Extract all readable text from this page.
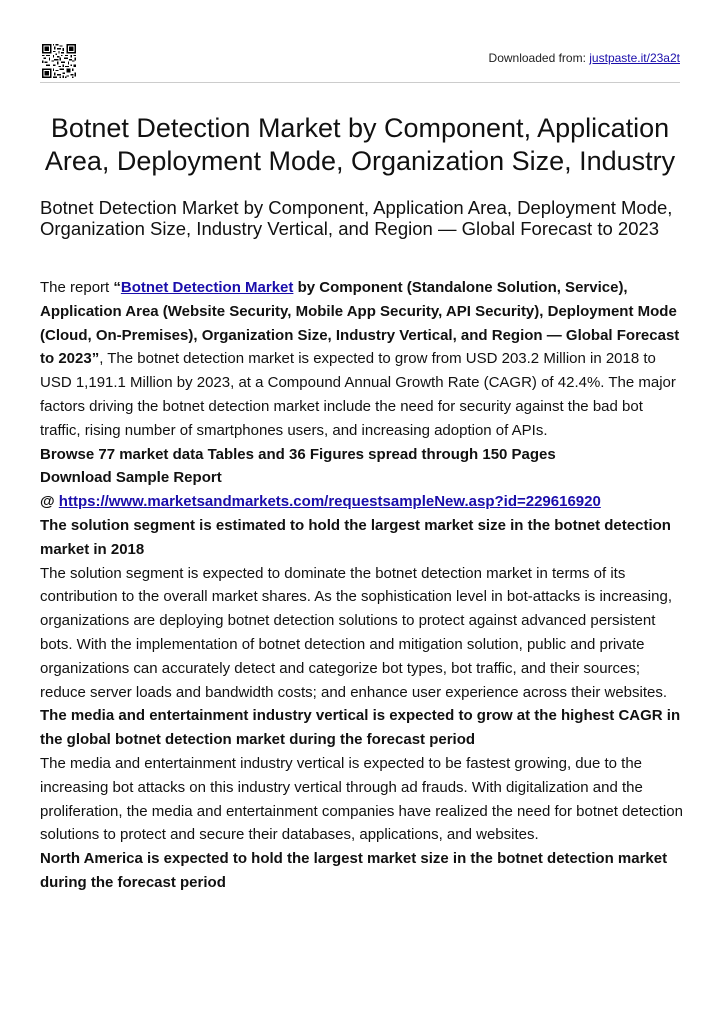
Downloaded from: justpaste.it/23a2t
Botnet Detection Market by Component, Application Area, Deployment Mode, Organization Size, Industry
Botnet Detection Market by Component, Application Area, Deployment Mode, Organization Size, Industry Vertical, and Region — Global Forecast to 2023

The report “Botnet Detection Market by Component (Standalone Solution, Service), Application Area (Website Security, Mobile App Security, API Security), Deployment Mode (Cloud, On-Premises), Organization Size, Industry Vertical, and Region — Global Forecast to 2023”, The botnet detection market is expected to grow from USD 203.2 Million in 2018 to USD 1,191.1 Million by 2023, at a Compound Annual Growth Rate (CAGR) of 42.4%. The major factors driving the botnet detection market include the need for security against the bad bot traffic, rising number of smartphones users, and increasing adoption of APIs.

Browse 77 market data Tables and 36 Figures spread through 150 Pages

Download Sample Report

@ https://www.marketsandmarkets.com/requestsampleNew.asp?id=229616920

The solution segment is estimated to hold the largest market size in the botnet detection market in 2018

The solution segment is expected to dominate the botnet detection market in terms of its contribution to the overall market shares. As the sophistication level in bot-attacks is increasing, organizations are deploying botnet detection solutions to protect against advanced persistent bots. With the implementation of botnet detection and mitigation solution, public and private organizations can accurately detect and categorize bot types, bot traffic, and their sources; reduce server loads and bandwidth costs; and enhance user experience across their websites.

The media and entertainment industry vertical is expected to grow at the highest CAGR in the global botnet detection market during the forecast period

The media and entertainment industry vertical is expected to be fastest growing, due to the increasing bot attacks on this industry vertical through ad frauds. With digitalization and the proliferation, the media and entertainment companies have realized the need for botnet detection solutions to protect and secure their databases, applications, and websites.

North America is expected to hold the largest market size in the botnet detection market during the forecast period
